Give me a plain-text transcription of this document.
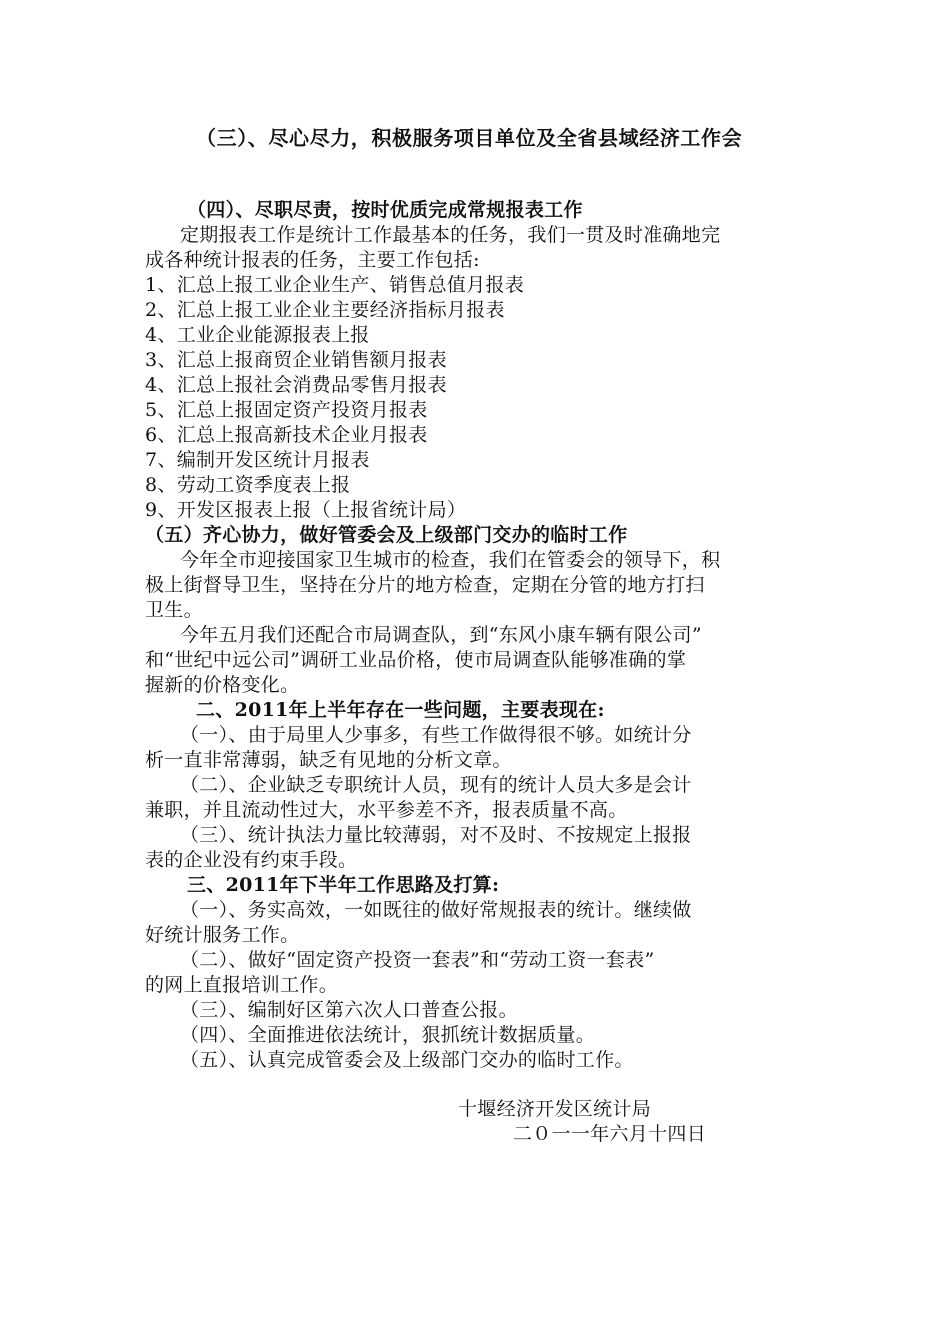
（三）、尽心尽力，积极服务项目单位及全省县域经济工作会
（四）、尽职尽责，按时优质完成常规报表工作
定期报表工作是统计工作最基本的任务，我们一贯及时准确地完
成各种统计报表的任务，主要工作包括:
1、汇总上报工业企业生产、销售总值月报表
2、汇总上报工业企业主要经济指标月报表
4、工业企业能源报表上报
3、汇总上报商贸企业销售额月报表
4、汇总上报社会消费品零售月报表
5、汇总上报固定资产投资月报表
6、汇总上报高新技术企业月报表
7、编制开发区统计月报表
8、劳动工资季度表上报
9、开发区报表上报（上报省统计局）
（五）齐心协力，做好管委会及上级部门交办的临时工作
今年全市迎接国家卫生城市的检查，我们在管委会的领导下，积
极上街督导卫生，坚持在分片的地方检查，定期在分管的地方打扫
卫生。
今年五月我们还配合市局调查队，到“东风小康车辆有限公司”
和“世纪中远公司”调研工业品价格，使市局调查队能够准确的掌
握新的价格变化。
二、2011年上半年存在一些问题，主要表现在:
（一）、由于局里人少事多，有些工作做得很不够。如统计分
析一直非常薄弱，缺乏有见地的分析文章。
（二）、企业缺乏专职统计人员，现有的统计人员大多是会计
兼职，并且流动性过大，水平参差不齐，报表质量不高。
（三）、统计执法力量比较薄弱，对不及时、不按规定上报报
表的企业没有约束手段。
三、2011年下半年工作思路及打算:
（一）、务实高效，一如既往的做好常规报表的统计。继续做
好统计服务工作。
（二）、做好“固定资产投资一套表”和“劳动工资一套表”
的网上直报培训工作。
（三）、编制好区第六次人口普查公报。
（四）、全面推进依法统计，狠抓统计数据质量。
（五）、认真完成管委会及上级部门交办的临时工作。
十堰经济开发区统计局
二０一一年六月十四日
